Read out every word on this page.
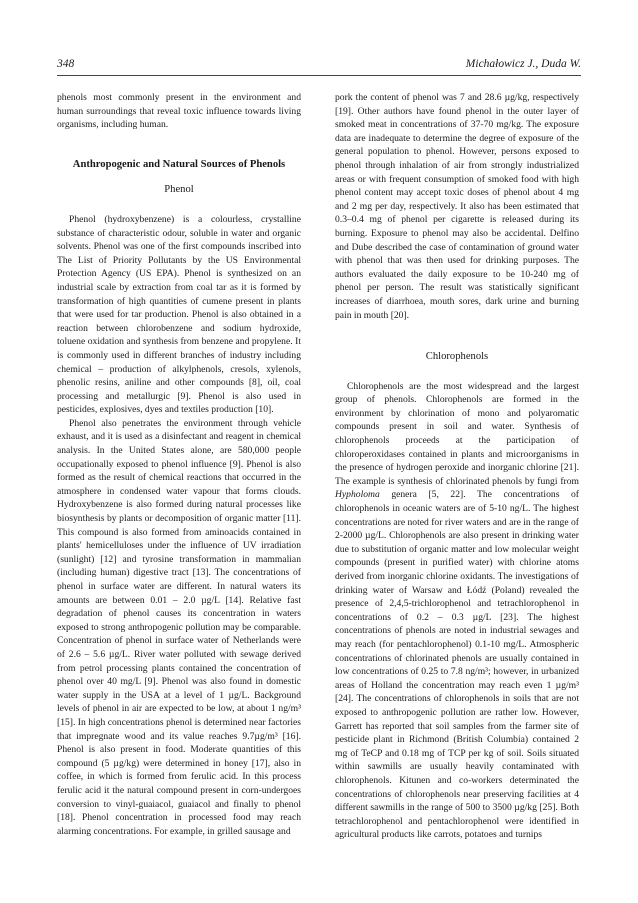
348	Michałowicz J., Duda W.

phenols most commonly present in the environment and human surroundings that reveal toxic influence towards living organisms, including human.

Anthropogenic and Natural Sources of Phenols
Phenol

Phenol (hydroxybenzene) is a colourless, crystalline substance of characteristic odour, soluble in water and organic solvents. Phenol was one of the first compounds inscribed into The List of Priority Pollutants by the US Environmental Protection Agency (US EPA). Phenol is synthesized on an industrial scale by extraction from coal tar as it is formed by transformation of high quantities of cumene present in plants that were used for tar production. Phenol is also obtained in a reaction between chlorobenzene and sodium hydroxide, toluene oxidation and synthesis from benzene and propylene. It is commonly used in different branches of industry including chemical – production of alkylphenols, cresols, xylenols, phenolic resins, aniline and other compounds [8], oil, coal processing and metallurgic [9]. Phenol is also used in pesticides, explosives, dyes and textiles production [10].

Phenol also penetrates the environment through vehicle exhaust, and it is used as a disinfectant and reagent in chemical analysis. In the United States alone, are 580,000 people occupationally exposed to phenol influence [9]. Phenol is also formed as the result of chemical reactions that occurred in the atmosphere in condensed water vapour that forms clouds. Hydroxybenzene is also formed during natural processes like biosynthesis by plants or decomposition of organic matter [11]. This compound is also formed from aminoacids contained in plants' hemicelluloses under the influence of UV irradiation (sunlight) [12] and tyrosine transformation in mammalian (including human) digestive tract [13]. The concentrations of phenol in surface water are different. In natural waters its amounts are between 0.01 – 2.0 µg/L [14]. Relative fast degradation of phenol causes its concentration in waters exposed to strong anthropogenic pollution may be comparable. Concentration of phenol in surface water of Netherlands were of 2.6 – 5.6 µg/L. River water polluted with sewage derived from petrol processing plants contained the concentration of phenol over 40 mg/L [9]. Phenol was also found in domestic water supply in the USA at a level of 1 µg/L. Background levels of phenol in air are expected to be low, at about 1 ng/m³ [15]. In high concentrations phenol is determined near factories that impregnate wood and its value reaches 9.7µg/m³ [16]. Phenol is also present in food. Moderate quantities of this compound (5 µg/kg) were determined in honey [17], also in coffee, in which is formed from ferulic acid. In this process ferulic acid it the natural compound present in corn-undergoes conversion to vinyl-guaiacol, guaiacol and finally to phenol [18]. Phenol concentration in processed food may reach alarming concentrations. For example, in grilled sausage and

pork the content of phenol was 7 and 28.6 µg/kg, respectively [19]. Other authors have found phenol in the outer layer of smoked meat in concentrations of 37-70 mg/kg. The exposure data are inadequate to determine the degree of exposure of the general population to phenol. However, persons exposed to phenol through inhalation of air from strongly industrialized areas or with frequent consumption of smoked food with high phenol content may accept toxic doses of phenol about 4 mg and 2 mg per day, respectively. It also has been estimated that 0.3–0.4 mg of phenol per cigarette is released during its burning. Exposure to phenol may also be accidental. Delfino and Dube described the case of contamination of ground water with phenol that was then used for drinking purposes. The authors evaluated the daily exposure to be 10-240 mg of phenol per person. The result was statistically significant increases of diarrhoea, mouth sores, dark urine and burning pain in mouth [20].

Chlorophenols

Chlorophenols are the most widespread and the largest group of phenols. Chlorophenols are formed in the environment by chlorination of mono and polyaromatic compounds present in soil and water. Synthesis of chlorophenols proceeds at the participation of chloroperoxidases contained in plants and microorganisms in the presence of hydrogen peroxide and inorganic chlorine [21]. The example is synthesis of chlorinated phenols by fungi from Hypholoma genera [5, 22]. The concentrations of chlorophenols in oceanic waters are of 5-10 ng/L. The highest concentrations are noted for river waters and are in the range of 2-2000 µg/L. Chlorophenols are also present in drinking water due to substitution of organic matter and low molecular weight compounds (present in purified water) with chlorine atoms derived from inorganic chlorine oxidants. The investigations of drinking water of Warsaw and Łódź (Poland) revealed the presence of 2,4,5-trichlorophenol and tetrachlorophenol in concentrations of 0.2 – 0.3 µg/L [23]. The highest concentrations of phenols are noted in industrial sewages and may reach (for pentachlorophenol) 0.1-10 mg/L. Atmospheric concentrations of chlorinated phenols are usually contained in low concentrations of 0.25 to 7.8 ng/m³; however, in urbanized areas of Holland the concentration may reach even 1 µg/m³ [24]. The concentrations of chlorophenols in soils that are not exposed to anthropogenic pollution are rather low. However, Garrett has reported that soil samples from the farmer site of pesticide plant in Richmond (British Columbia) contained 2 mg of TeCP and 0.18 mg of TCP per kg of soil. Soils situated within sawmills are usually heavily contaminated with chlorophenols. Kitunen and co-workers determinated the concentrations of chlorophenols near preserving facilities at 4 different sawmills in the range of 500 to 3500 µg/kg [25]. Both tetrachlorophenol and pentachlorophenol were identified in agricultural products like carrots, potatoes and turnips
